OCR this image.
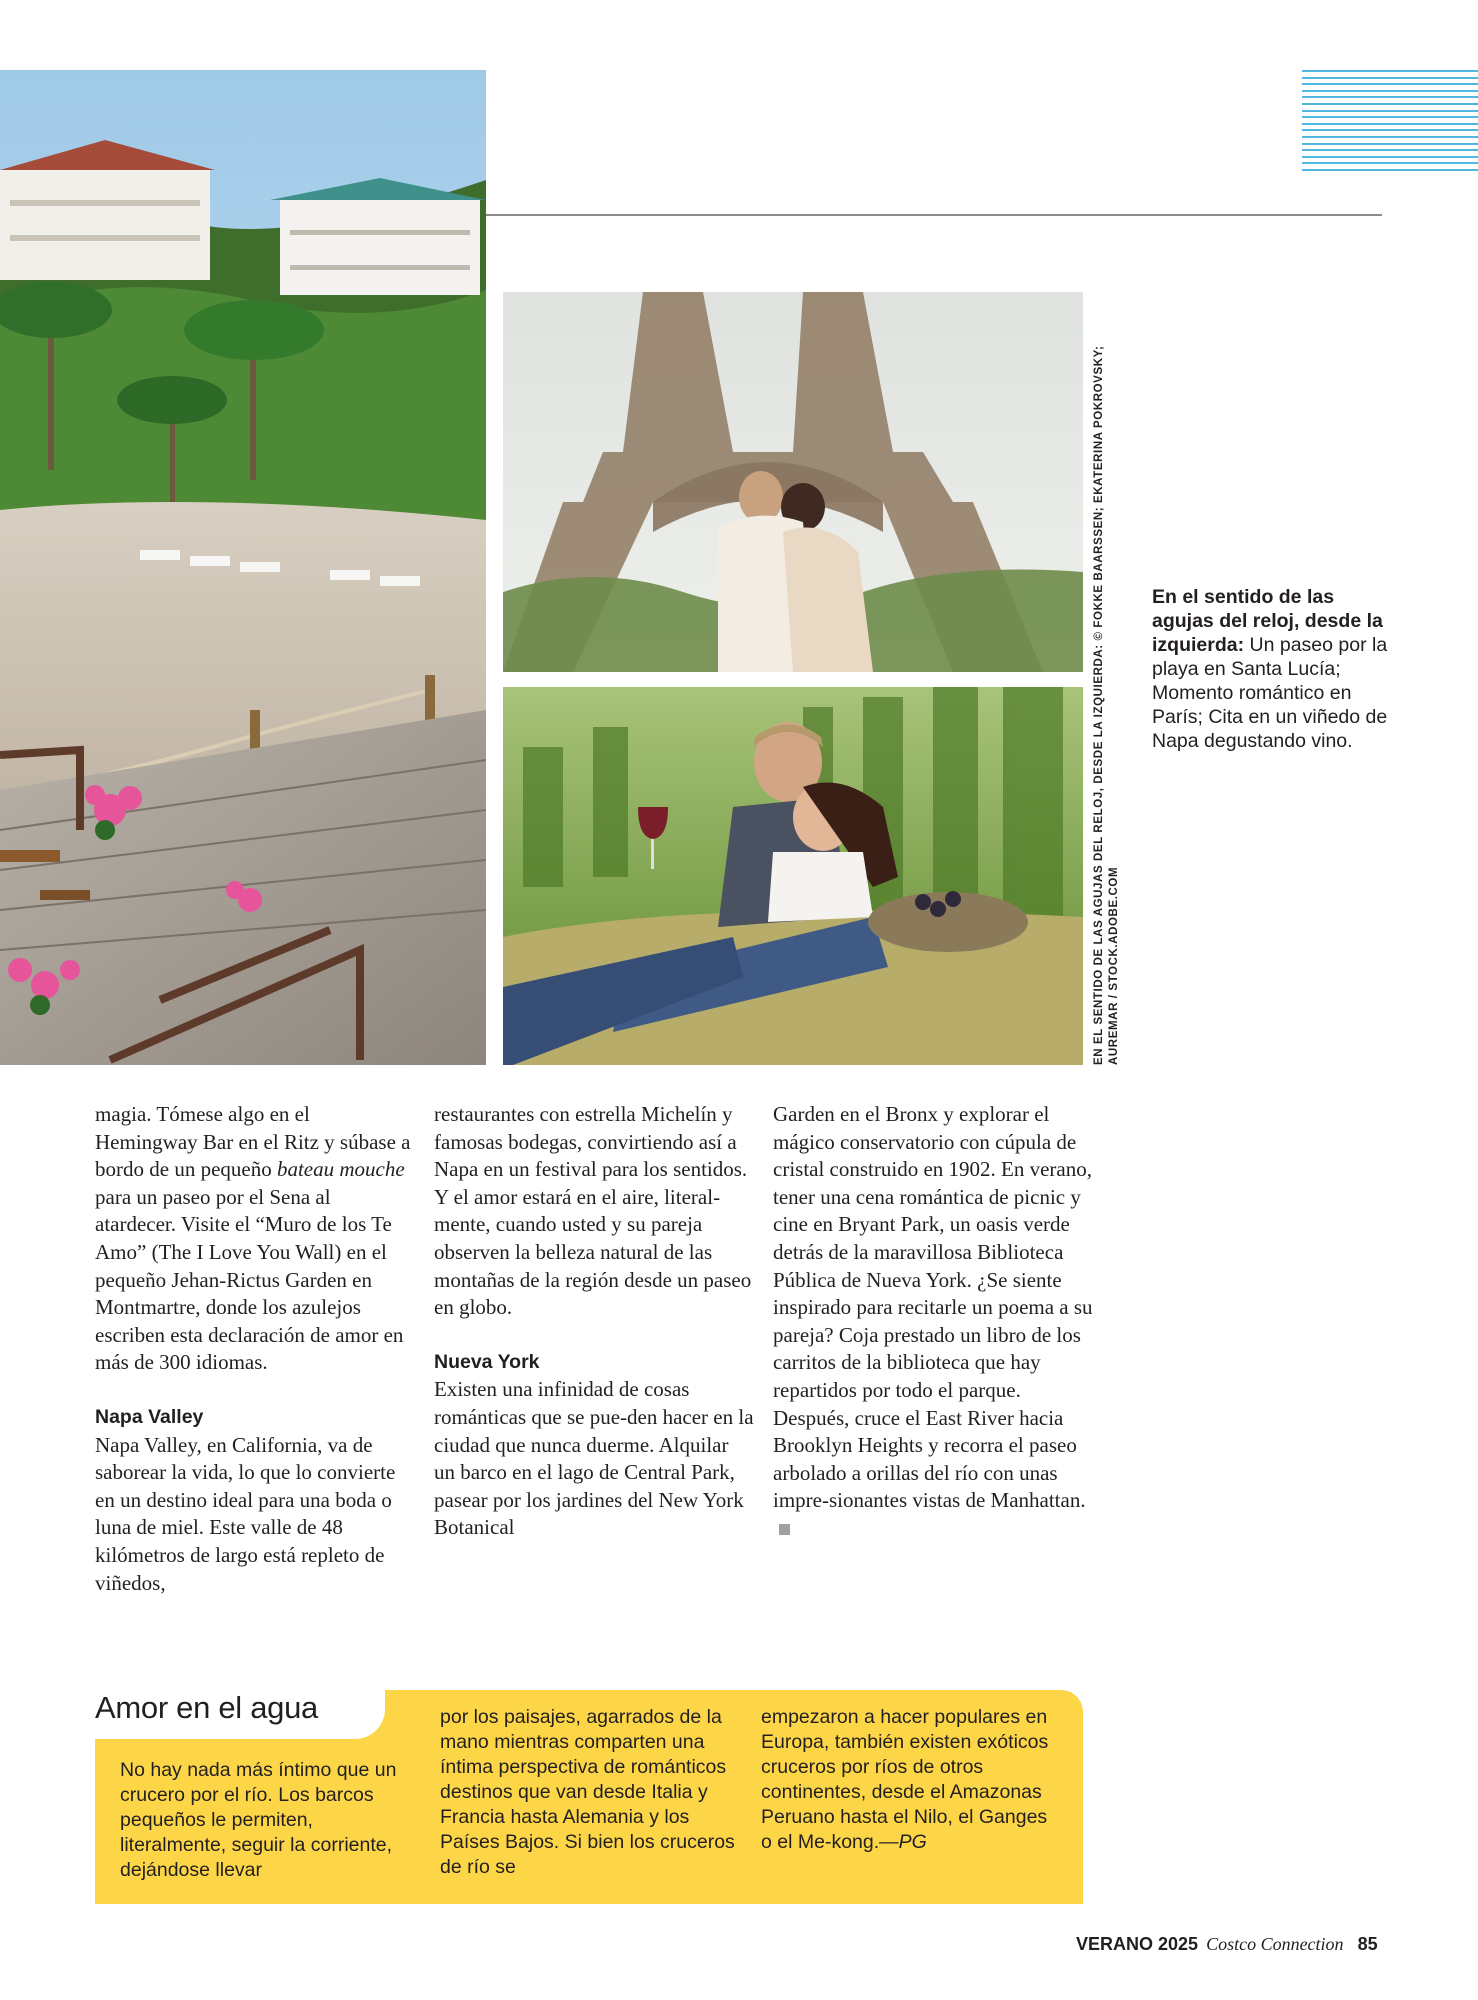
EN EL SENTIDO DE LAS AGUJAS DEL RELOJ, DESDE LA IZQUIERDA: © FOKKE BAARSSEN; EKATERINA POKROVSKY; AUREMAR / STOCK.ADOBE.COM
En el sentido de las agujas del reloj, desde la izquierda: Un paseo por la playa en Santa Lucía; Momento romántico en París; Cita en un viñedo de Napa degustando vino.

magia. Tómese algo en el Hemingway Bar en el Ritz y súbase a bordo de un pequeño bateau mouche para un paseo por el Sena al atardecer. Visite el “Muro de los Te Amo” (The I Love You Wall) en el pequeño Jehan-Rictus Garden en Montmartre, donde los azulejos escriben esta declaración de amor en más de 300 idiomas.

Napa Valley

Napa Valley, en California, va de saborear la vida, lo que lo convierte en un destino ideal para una boda o luna de miel. Este valle de 48 kilómetros de largo está repleto de viñedos,

restaurantes con estrella Michelín y famosas bodegas, convirtiendo así a Napa en un festival para los sentidos. Y el amor estará en el aire, literal-mente, cuando usted y su pareja observen la belleza natural de las montañas de la región desde un paseo en globo.

Nueva York

Existen una infinidad de cosas románticas que se pue-den hacer en la ciudad que nunca duerme. Alquilar un barco en el lago de Central Park, pasear por los jardines del New York Botanical

Garden en el Bronx y explorar el mágico conservatorio con cúpula de cristal construido en 1902. En verano, tener una cena romántica de picnic y cine en Bryant Park, un oasis verde detrás de la maravillosa Biblioteca Pública de Nueva York. ¿Se siente inspirado para recitarle un poema a su pareja? Coja prestado un libro de los carritos de la biblioteca que hay repartidos por todo el parque. Después, cruce el East River hacia Brooklyn Heights y recorra el paseo arbolado a orillas del río con unas impre-sionantes vistas de Manhattan.

Amor en el agua
No hay nada más íntimo que un crucero por el río. Los barcos pequeños le permiten, literalmente, seguir la corriente, dejándose llevar
por los paisajes, agarrados de la mano mientras comparten una íntima perspectiva de románticos destinos que van desde Italia y Francia hasta Alemania y los Países Bajos. Si bien los cruceros de río se
empezaron a hacer populares en Europa, también existen exóticos cruceros por ríos de otros continentes, desde el Amazonas Peruano hasta el Nilo, el Ganges o el Me-kong.—PG
VERANO 2025 Costco Connection 85
